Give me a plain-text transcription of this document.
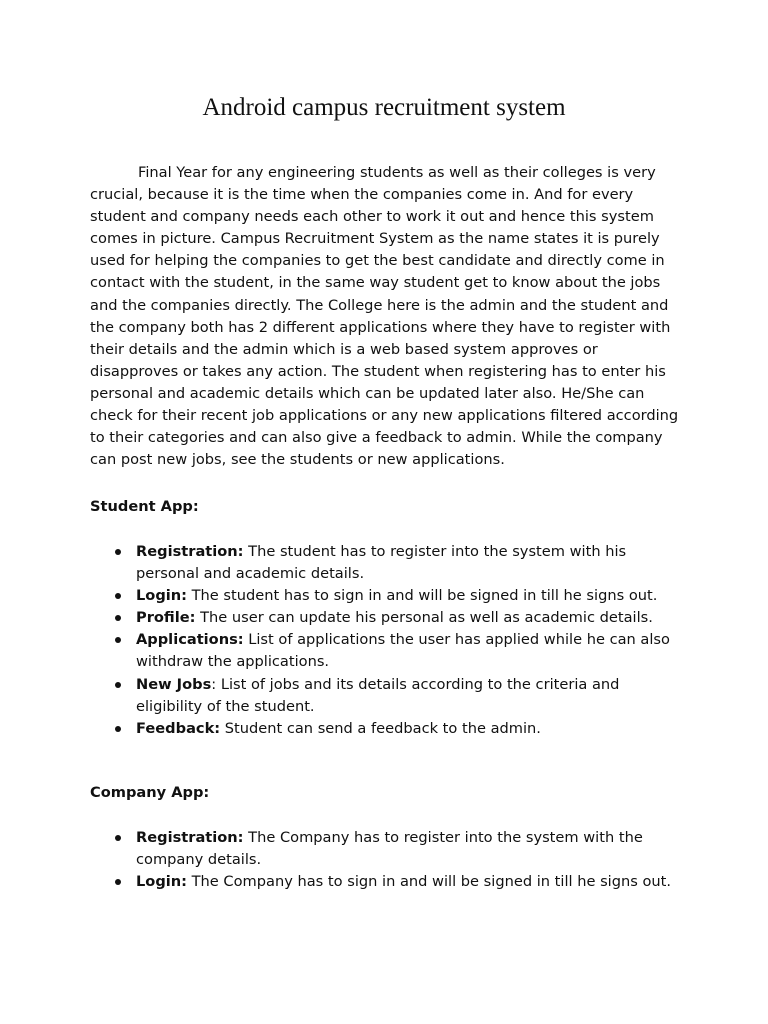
Android campus recruitment system

Final Year for any engineering students as well as their colleges is very crucial, because it is the time when the companies come in. And for every student and company needs each other to work it out and hence this system comes in picture. Campus Recruitment System as the name states it is purely used for helping the companies to get the best candidate and directly come in contact with the student, in the same way student get to know about the jobs and the companies directly. The College here is the admin and the student and the company both has 2 different applications where they have to register with their details and the admin which is a web based system approves or disapproves or takes any action. The student when registering has to enter his personal and academic details which can be updated later also. He/She can check for their recent job applications or any new applications filtered according to their categories and can also give a feedback to admin. While the company can post new jobs, see the students or new applications.

Student App:

Registration: The student has to register into the system with his personal and academic details.
Login: The student has to sign in and will be signed in till he signs out.
Profile: The user can update his personal as well as academic details.
Applications: List of applications the user has applied while he can also withdraw the applications.
New Jobs: List of jobs and its details according to the criteria and eligibility of the student.
Feedback: Student can send a feedback to the admin.

Company App:

Registration: The Company has to register into the system with the company details.
Login: The Company has to sign in and will be signed in till he signs out.
